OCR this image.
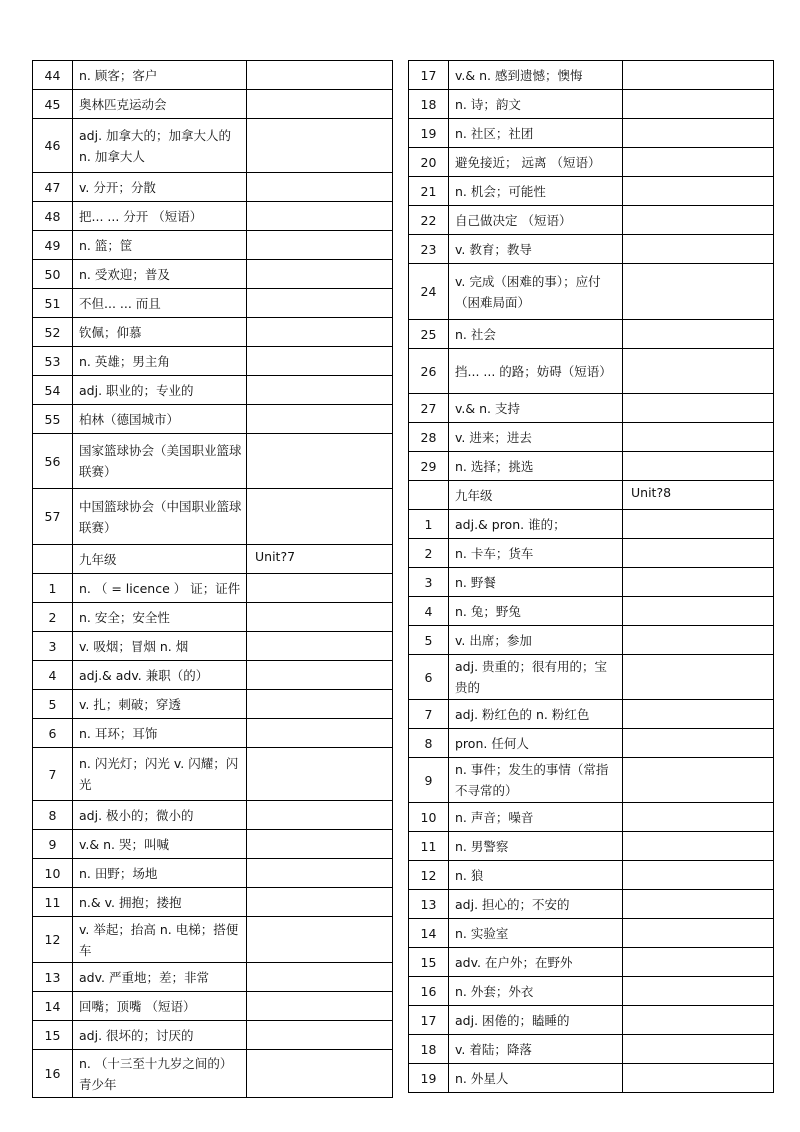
44	n. 顾客；客户	
45	奥林匹克运动会	
46	adj. 加拿大的；加拿大人的 n. 加拿大人	
47	v. 分开；分散	
48	把... ... 分开 （短语）	
49	n. 篮；筐	
50	n. 受欢迎；普及	
51	不但... ... 而且	
52	钦佩；仰慕	
53	n. 英雄；男主角	
54	adj. 职业的；专业的	
55	柏林（德国城市）	
56	国家篮球协会（美国职业篮球联赛）	
57	中国篮球协会（中国职业篮球联赛）	
	九年级	Unit?7
1	n. （ = licence ） 证；证件	
2	n. 安全；安全性	
3	v. 吸烟；冒烟 n. 烟	
4	adj.& adv. 兼职（的）	
5	v. 扎；刺破；穿透	
6	n. 耳环；耳饰	
7	n. 闪光灯；闪光 v. 闪耀；闪光	
8	adj. 极小的；微小的	
9	v.& n. 哭；叫喊	
10	n. 田野；场地	
11	n.& v. 拥抱；搂抱	
12	v. 举起；抬高 n. 电梯；搭便车	
13	adv. 严重地；差；非常	
14	回嘴；顶嘴 （短语）	
15	adj. 很坏的；讨厌的	
16	n. （十三至十九岁之间的）青少年	
17	v.& n. 感到遗憾；懊悔	
18	n. 诗；韵文	
19	n. 社区；社团	
20	避免接近； 远离 （短语）	
21	n. 机会；可能性	
22	自己做决定 （短语）	
23	v. 教育；教导	
24	v. 完成（困难的事）；应付（困难局面）	
25	n. 社会	
26	挡... ... 的路；妨碍（短语）	
27	v.& n. 支持	
28	v. 进来；进去	
29	n. 选择；挑选	
	九年级	Unit?8
1	adj.& pron. 谁的；	
2	n. 卡车；货车	
3	n. 野餐	
4	n. 兔；野兔	
5	v. 出席；参加	
6	adj. 贵重的；很有用的；宝贵的	
7	adj. 粉红色的 n. 粉红色	
8	pron. 任何人	
9	n. 事件；发生的事情（常指不寻常的）	
10	n. 声音；噪音	
11	n. 男警察	
12	n. 狼	
13	adj. 担心的；不安的	
14	n. 实验室	
15	adv. 在户外；在野外	
16	n. 外套；外衣	
17	adj. 困倦的；瞌睡的	
18	v. 着陆；降落	
19	n. 外星人	
